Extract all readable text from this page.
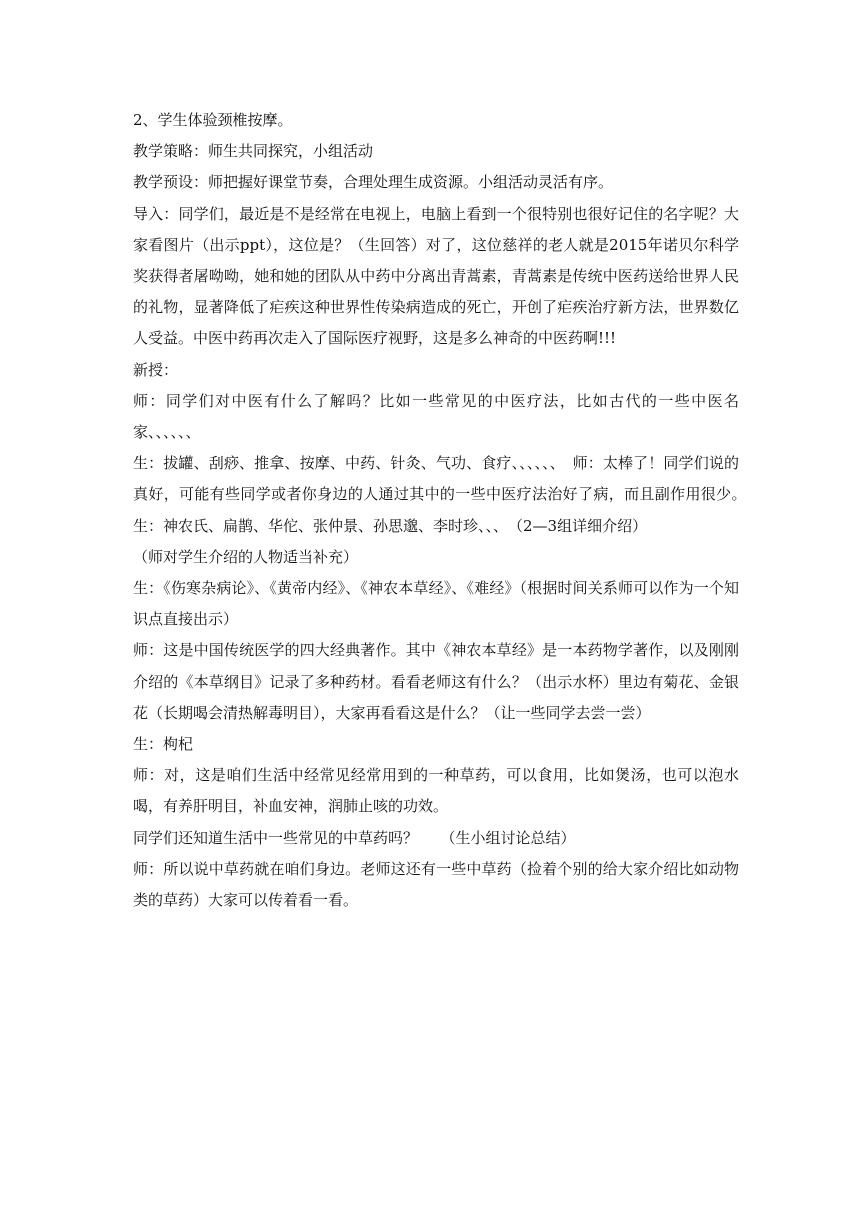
2、学生体验颈椎按摩。

教学策略：师生共同探究，小组活动

教学预设：师把握好课堂节奏，合理处理生成资源。小组活动灵活有序。

导入：同学们，最近是不是经常在电视上，电脑上看到一个很特别也很好记住的名字呢？大家看图片（出示ppt），这位是？（生回答）对了，这位慈祥的老人就是2015年诺贝尔科学奖获得者屠呦呦，她和她的团队从中药中分离出青蒿素，青蒿素是传统中医药送给世界人民的礼物，显著降低了疟疾这种世界性传染病造成的死亡，开创了疟疾治疗新方法，世界数亿人受益。中医中药再次走入了国际医疗视野，这是多么神奇的中医药啊!!!

新授：

师：同学们对中医有什么了解吗？比如一些常见的中医疗法，比如古代的一些中医名家、、、、、、

生：拔罐、刮痧、推拿、按摩、中药、针灸、气功、食疗、、、、、、　师：太棒了！同学们说的真好，可能有些同学或者你身边的人通过其中的一些中医疗法治好了病，而且副作用很少。　生：神农氏、扁鹊、华佗、张仲景、孙思邈、李时珍、、、　（2—3组详细介绍）

（师对学生介绍的人物适当补充）

生：《伤寒杂病论》、《黄帝内经》、《神农本草经》、《难经》（根据时间关系师可以作为一个知识点直接出示）

师：这是中国传统医学的四大经典著作。其中《神农本草经》是一本药物学著作，以及刚刚介绍的《本草纲目》记录了多种药材。看看老师这有什么？（出示水杯）里边有菊花、金银花（长期喝会清热解毒明目），大家再看看这是什么？（让一些同学去尝一尝）

生：枸杞

师：对，这是咱们生活中经常见经常用到的一种草药，可以食用，比如煲汤，也可以泡水喝，有养肝明目，补血安神，润肺止咳的功效。

同学们还知道生活中一些常见的中草药吗？　　（生小组讨论总结）

师：所以说中草药就在咱们身边。老师这还有一些中草药（捡着个别的给大家介绍比如动物类的草药）大家可以传着看一看。
